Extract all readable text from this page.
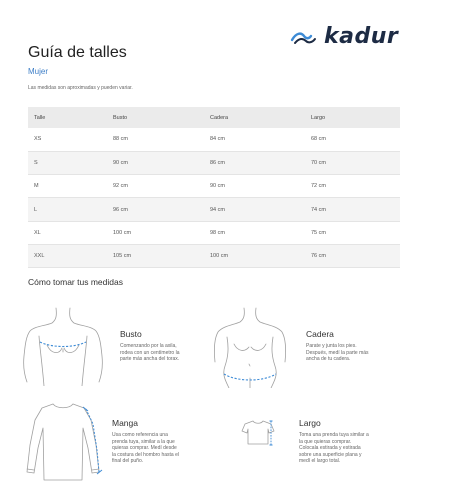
kadur
Guía de talles
Mujer
Las medidas son aproximadas y pueden variar.
Talle	Busto	Cadera	Largo
XS	88 cm	84 cm	68 cm
S	90 cm	86 cm	70 cm
M	92 cm	90 cm	72 cm
L	96 cm	94 cm	74 cm
XL	100 cm	98 cm	75 cm
XXL	105 cm	100 cm	76 cm
Cómo tomar tus medidas
Busto
Comenzando por la axila,
rodea con un centímetro la
parte más ancha del torax.
Cadera
Parate y junta los pies.
Después, medí la parte más
ancha de tu cadera.
Manga
Usa como referencia una
prenda tuya, similar a la que
quieras comprar. Medí desde
la costura del hombro hasta el
final del puño.
Largo
Toma una prenda tuya similar a
la que quieras comprar.
Colocala estirada y estirada
sobre una superficie plana y
medí el largo total.
